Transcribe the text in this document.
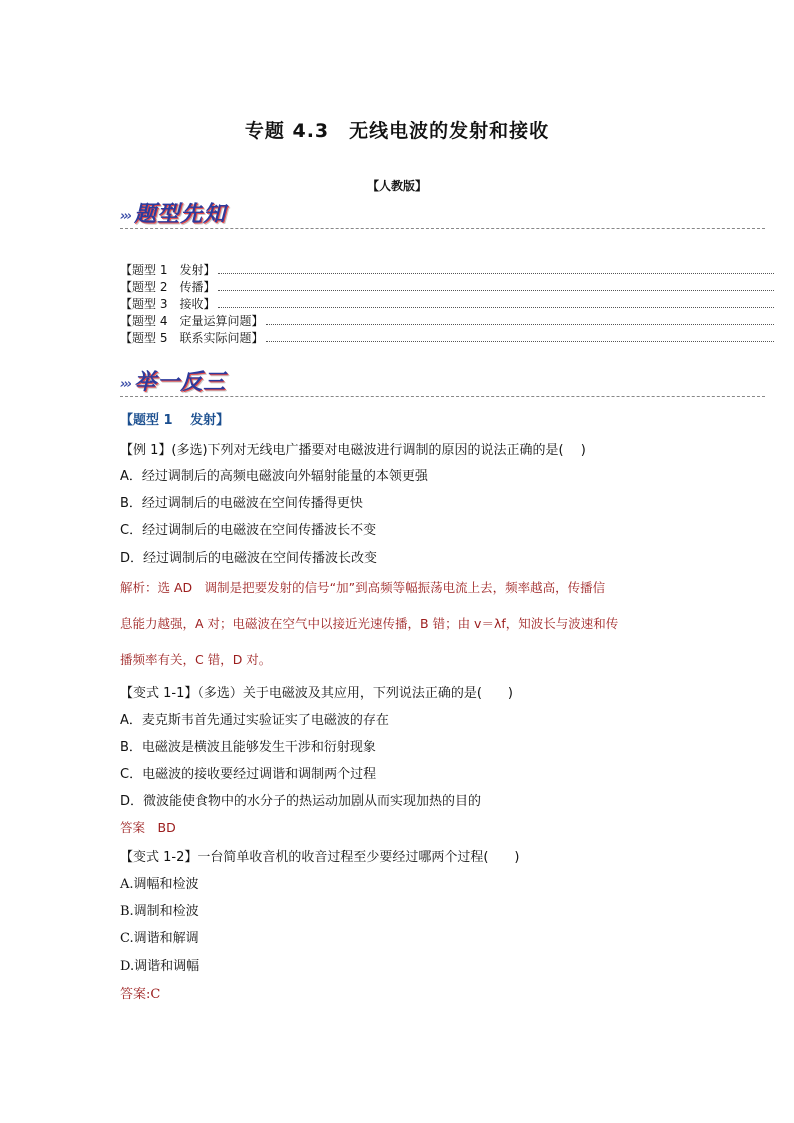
专题 4.3　无线电波的发射和接收
【人教版】
››› 题型先知
【题型 1　发射】
【题型 2　传播】
【题型 3　接收】
【题型 4　定量运算问题】
【题型 5　联系实际问题】
››› 举一反三
【题型 1　 发射】
【例 1】(多选)下列对无线电广播要对电磁波进行调制的原因的说法正确的是(　 )
A．经过调制后的高频电磁波向外辐射能量的本领更强
B．经过调制后的电磁波在空间传播得更快
C．经过调制后的电磁波在空间传播波长不变
D．经过调制后的电磁波在空间传播波长改变
解析：选 AD　调制是把要发射的信号“加”到高频等幅振荡电流上去，频率越高，传播信
息能力越强，A 对；电磁波在空气中以接近光速传播，B 错；由 v＝λf，知波长与波速和传
播频率有关，C 错，D 对。
【变式 1-1】（多选）关于电磁波及其应用，下列说法正确的是(　　)
A．麦克斯韦首先通过实验证实了电磁波的存在
B．电磁波是横波且能够发生干涉和衍射现象
C．电磁波的接收要经过调谐和调制两个过程
D．微波能使食物中的水分子的热运动加剧从而实现加热的目的
答案　BD
【变式 1-2】一台简单收音机的收音过程至少要经过哪两个过程(　　)
A.调幅和检波
B.调制和检波
C.调谐和解调
D.调谐和调幅
答案:C
